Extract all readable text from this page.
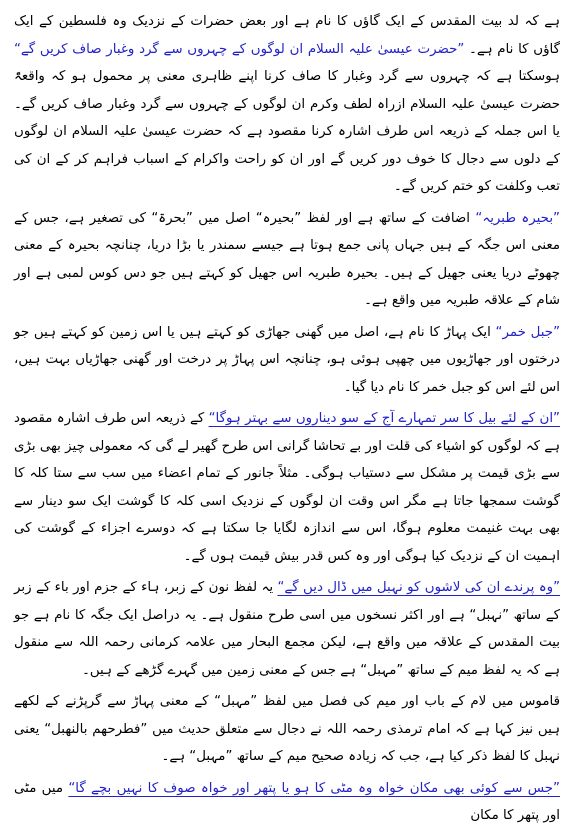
ہے کہ لد بیت المقدس کے ایک گاؤں کا نام ہے اور بعض حضرات کے نزدیک وہ فلسطین کے ایک گاؤں کا نام ہے۔ ”حضرت عیسیٰ علیہ السلام ان لوگوں کے چہروں سے گرد وغبار صاف کریں گے“ ہوسکتا ہے کہ چہروں سے گرد وغبار کا صاف کرنا اپنے ظاہری معنی پر محمول ہو کہ واقعۃً حضرت عیسیٰ علیہ السلام ازراہ لطف وکرم ان لوگوں کے چہروں سے گرد وغبار صاف کریں گے۔ یا اس جملہ کے ذریعہ اس طرف اشارہ کرنا مقصود ہے کہ حضرت عیسیٰ علیہ السلام ان لوگوں کے دلوں سے دجال کا خوف دور کریں گے اور ان کو راحت واکرام کے اسباب فراہم کر کے ان کی تعب وکلفت کو ختم کریں گے۔

”بحیرہ طبریہ“ اضافت کے ساتھ ہے اور لفظ ”بحیرہ“ اصل میں ”بحرۃ“ کی تصغیر ہے، جس کے معنی اس جگہ کے ہیں جہاں پانی جمع ہوتا ہے جیسے سمندر یا بڑا دریا، چنانچہ بحیرہ کے معنی چھوٹے دریا یعنی جھیل کے ہیں۔ بحیرہ طبریہ اس جھیل کو کہتے ہیں جو دس کوس لمبی ہے اور شام کے علاقہ طبریہ میں واقع ہے۔

”جبل خمر“ ایک پہاڑ کا نام ہے، اصل میں گھنی جھاڑی کو کہتے ہیں یا اس زمین کو کہتے ہیں جو درختوں اور جھاڑیوں میں چھپی ہوئی ہو، چنانچہ اس پہاڑ پر درخت اور گھنی جھاڑیاں بہت ہیں، اس لئے اس کو جبل خمر کا نام دیا گیا۔

”ان کے لئے بیل کا سر تمہارے آج کے سو دیناروں سے بہتر ہوگا“ کے ذریعہ اس طرف اشارہ مقصود ہے کہ لوگوں کو اشیاء کی قلت اور بے تحاشا گرانی اس طرح گھیر لے گی کہ معمولی چیز بھی بڑی سے بڑی قیمت پر مشکل سے دستیاب ہوگی۔ مثلاً جانور کے تمام اعضاء میں سب سے ستا کلہ کا گوشت سمجھا جاتا ہے مگر اس وقت ان لوگوں کے نزدیک اسی کلہ کا گوشت ایک سو دینار سے بھی بہت غنیمت معلوم ہوگا، اس سے اندازہ لگایا جا سکتا ہے کہ دوسرے اجزاء کے گوشت کی اہمیت ان کے نزدیک کیا ہوگی اور وہ کس قدر بیش قیمت ہوں گے۔

”وہ پرندے ان کی لاشوں کو نہبل میں ڈال دیں گے“ یہ لفظ نون کے زبر، ہاء کے جزم اور باء کے زبر کے ساتھ ”نہبل“ ہے اور اکثر نسخوں میں اسی طرح منقول ہے۔ یہ دراصل ایک جگہ کا نام ہے جو بیت المقدس کے علاقہ میں واقع ہے، لیکن مجمع البحار میں علامہ کرمانی رحمہ اللہ سے منقول ہے کہ یہ لفظ میم کے ساتھ ”مہبل“ ہے جس کے معنی زمین میں گہرے گڑھے کے ہیں۔

قاموس میں لام کے باب اور میم کی فصل میں لفظ ”مہبل“ کے معنی پہاڑ سے گرپڑنے کے لکھے ہیں نیز کہا ہے کہ امام ترمذی رحمہ اللہ نے دجال سے متعلق حدیث میں ”فطرحھم بالنھبل“ یعنی نہبل کا لفظ ذکر کیا ہے، جب کہ زیادہ صحیح میم کے ساتھ ”مہبل“ ہے۔

”جس سے کوئی بھی مکان خواہ وہ مٹی کا ہو یا پتھر اور خواہ صوف کا نہیں بچے گا“ میں مٹی اور پتھر کا مکان
